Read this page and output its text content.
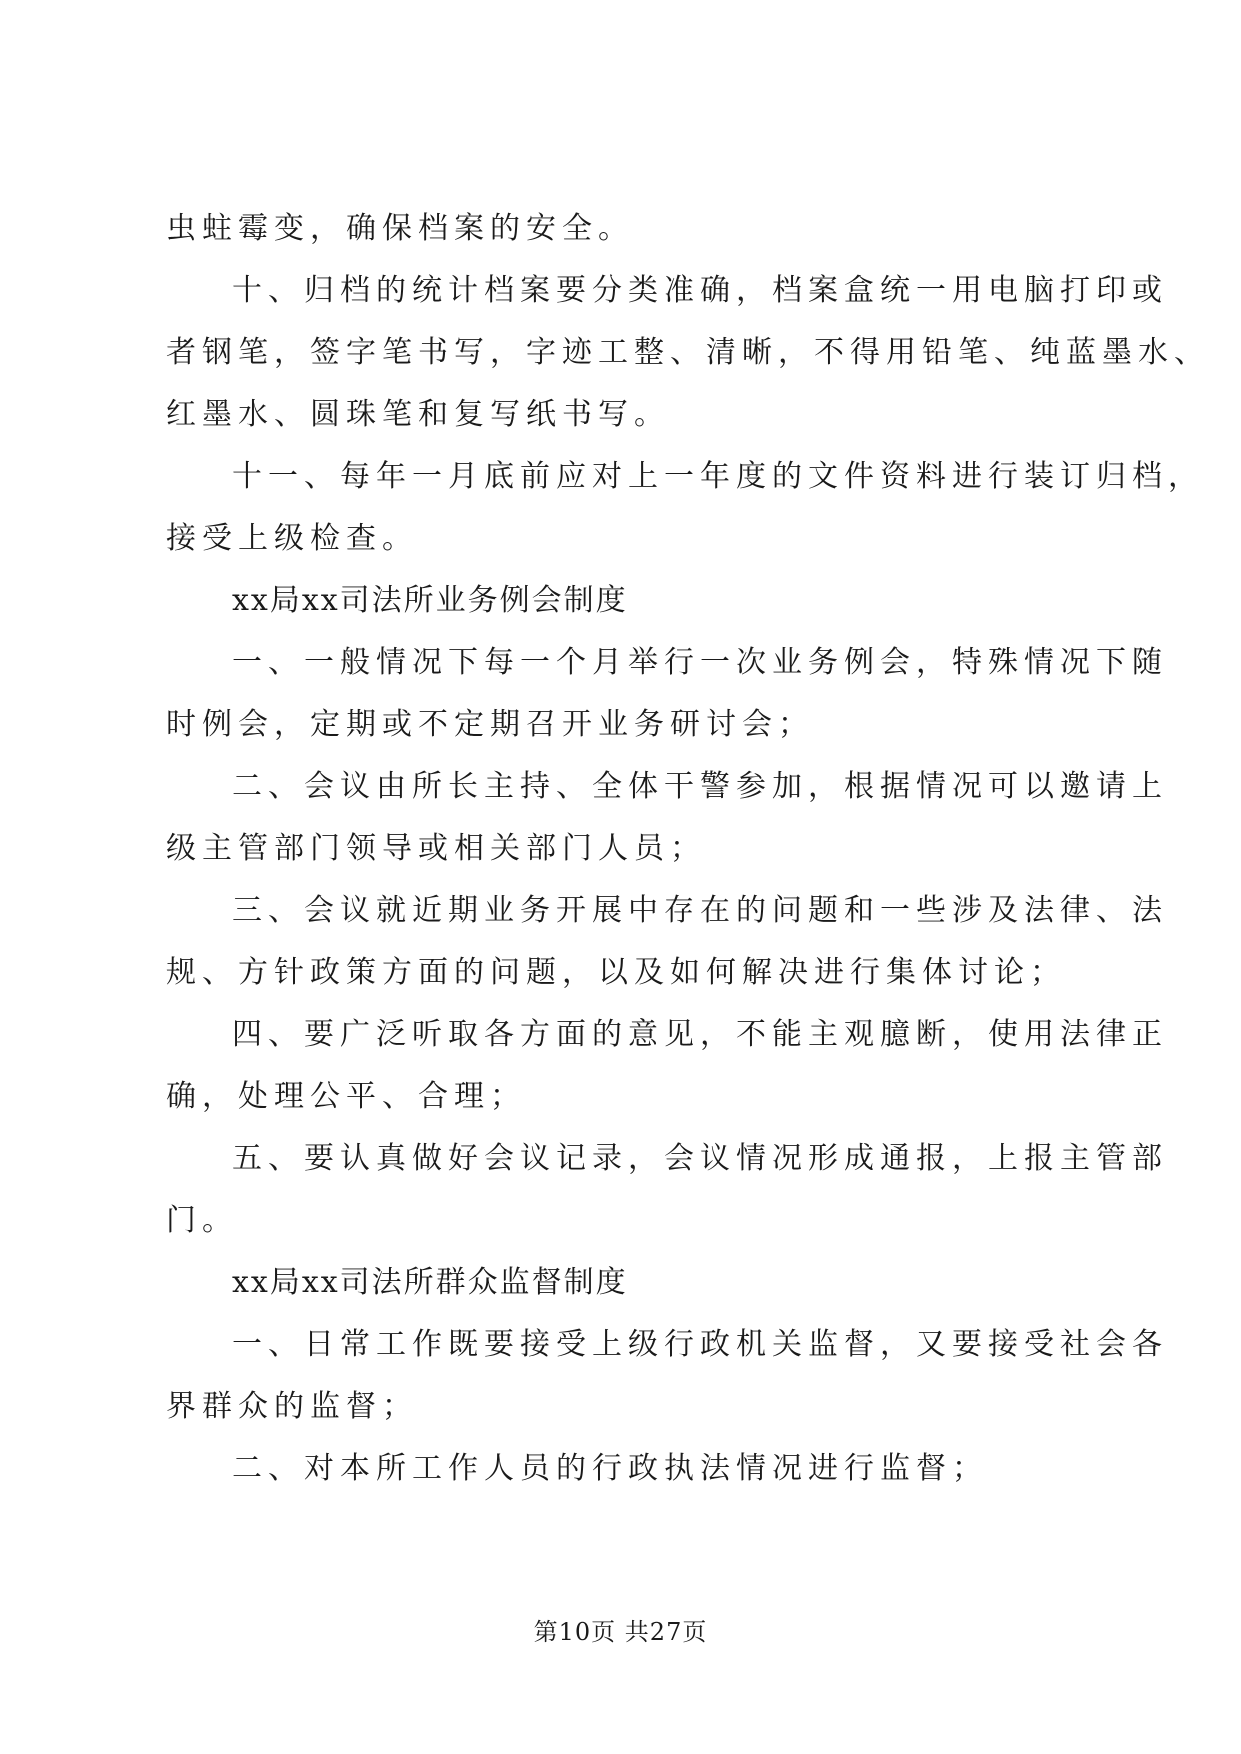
虫蛀霉变，确保档案的安全。
十、归档的统计档案要分类准确，档案盒统一用电脑打印或
者钢笔，签字笔书写，字迹工整、清晰，不得用铅笔、纯蓝墨水、
红墨水、圆珠笔和复写纸书写。
十一、每年一月底前应对上一年度的文件资料进行装订归档，
接受上级检查。
xx局xx司法所业务例会制度
一、一般情况下每一个月举行一次业务例会，特殊情况下随
时例会，定期或不定期召开业务研讨会；
二、会议由所长主持、全体干警参加，根据情况可以邀请上
级主管部门领导或相关部门人员；
三、会议就近期业务开展中存在的问题和一些涉及法律、法
规、方针政策方面的问题，以及如何解决进行集体讨论；
四、要广泛听取各方面的意见，不能主观臆断，使用法律正
确，处理公平、合理；
五、要认真做好会议记录，会议情况形成通报，上报主管部
门。
xx局xx司法所群众监督制度
一、日常工作既要接受上级行政机关监督，又要接受社会各
界群众的监督；
二、对本所工作人员的行政执法情况进行监督；
第10页 共27页
